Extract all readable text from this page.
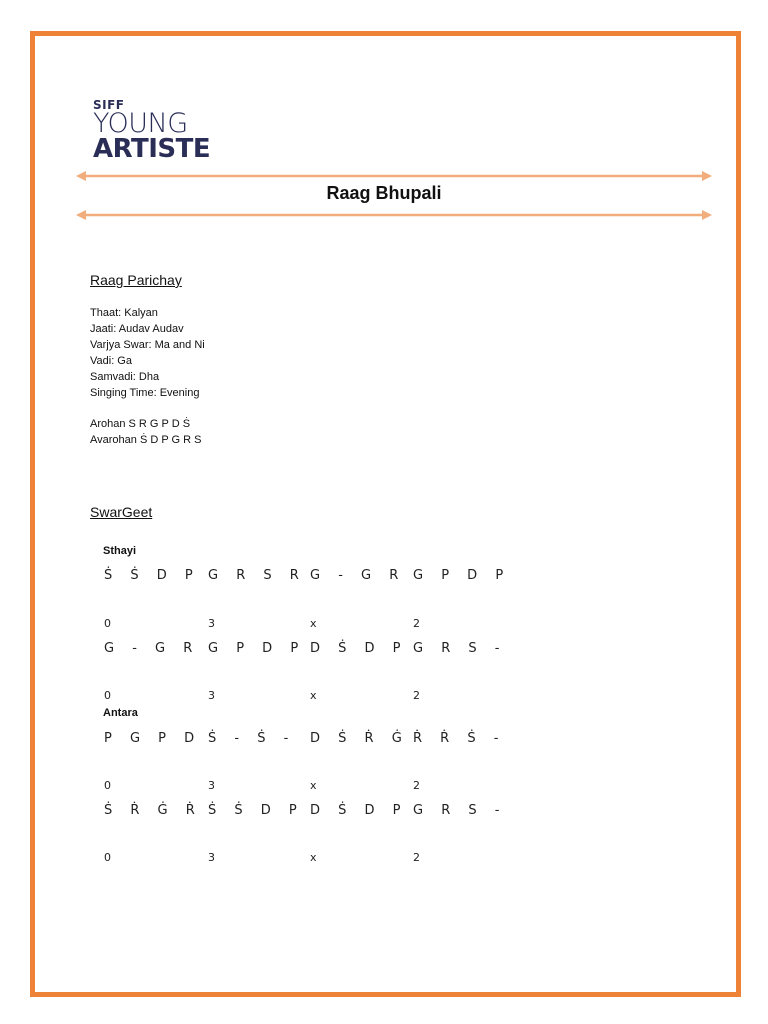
SIFF
YOUNG
ARTISTE
Raag Bhupali
Raag Parichay
Thaat: Kalyan
Jaati: Audav Audav
Varjya Swar: Ma and Ni
Vadi: Ga
Samvadi: Dha
Singing Time: Evening
Arohan S R G P D Ṡ
Avarohan Ṡ D P G R S
SwarGeet
Sthayi
Antara
Ṡ Ṡ D P G R S R G - G R G P D P
0	3	x	2
G - G R G P D P D Ṡ D P G R S -
0	3	x	2
P G P D Ṡ - Ṡ - D Ṡ Ṙ Ġ Ṙ Ṙ Ṡ -
0	3	x	2
Ṡ Ṙ Ġ Ṙ Ṡ Ṡ D P D Ṡ D P G R S -
0	3	x	2
